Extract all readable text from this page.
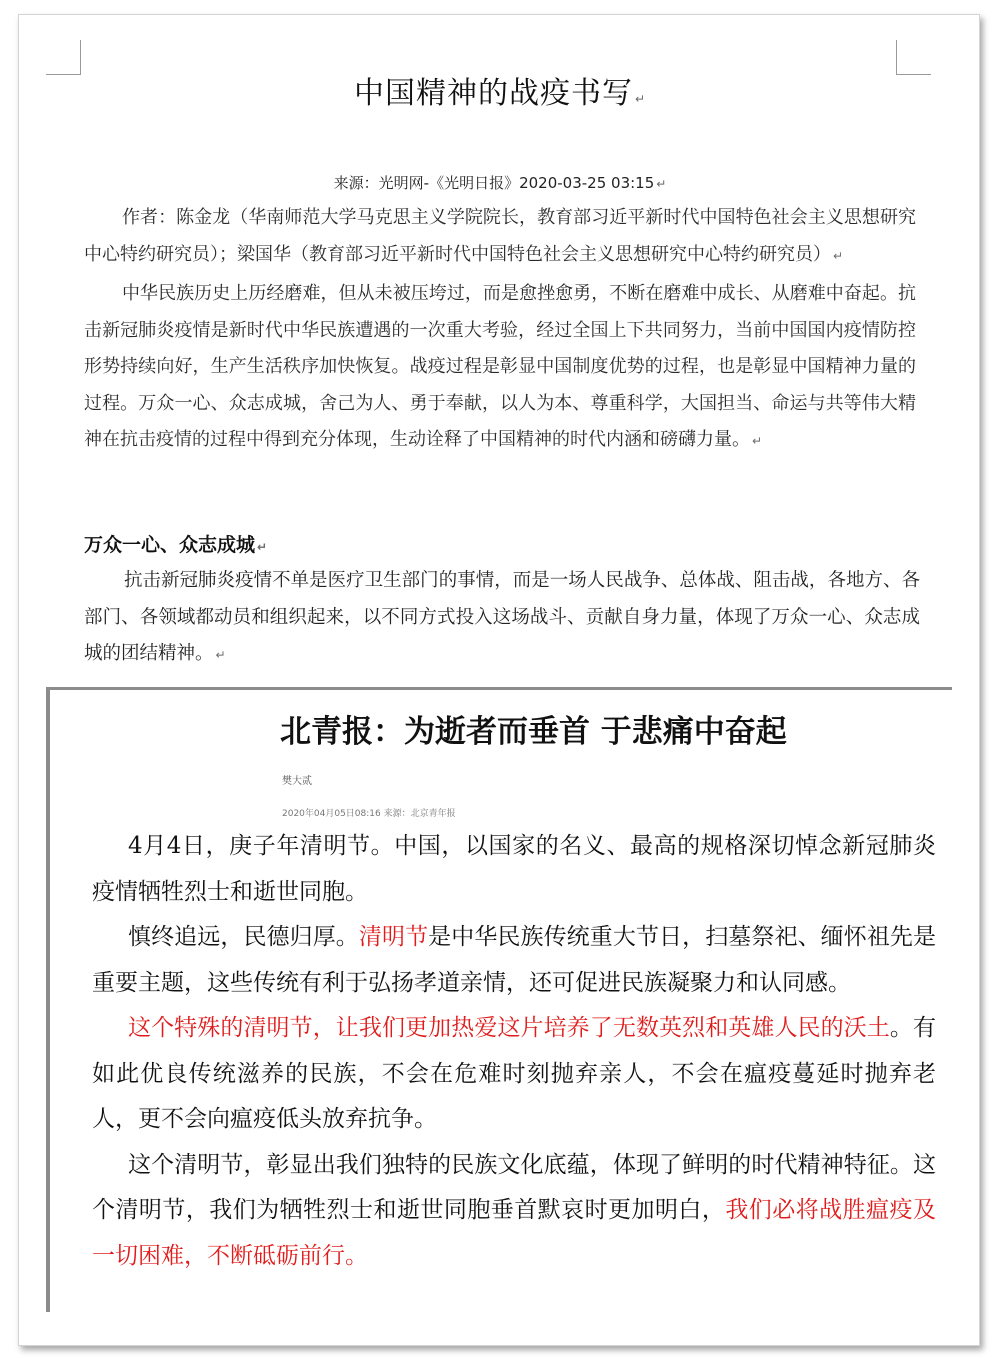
中国精神的战疫书写 ↵
来源：光明网-《光明日报》2020-03-25 03:15 ↵

作者：陈金龙（华南师范大学马克思主义学院院长，教育部习近平新时代中国特色社会主义思想研究中心特约研究员）；梁国华（教育部习近平新时代中国特色社会主义思想研究中心特约研究员） ↵

中华民族历史上历经磨难，但从未被压垮过，而是愈挫愈勇，不断在磨难中成长、从磨难中奋起。抗击新冠肺炎疫情是新时代中华民族遭遇的一次重大考验，经过全国上下共同努力，当前中国国内疫情防控形势持续向好，生产生活秩序加快恢复。战疫过程是彰显中国制度优势的过程，也是彰显中国精神力量的过程。万众一心、众志成城，舍己为人、勇于奉献，以人为本、尊重科学，大国担当、命运与共等伟大精神在抗击疫情的过程中得到充分体现，生动诠释了中国精神的时代内涵和磅礴力量。 ↵

万众一心、众志成城 ↵

抗击新冠肺炎疫情不单是医疗卫生部门的事情，而是一场人民战争、总体战、阻击战，各地方、各部门、各领域都动员和组织起来，以不同方式投入这场战斗、贡献自身力量，体现了万众一心、众志成城的团结精神。 ↵

北青报：为逝者而垂首 于悲痛中奋起
樊大贰
2020年04月05日08:16 来源：北京青年报

4月4日，庚子年清明节。中国，以国家的名义、最高的规格深切悼念新冠肺炎疫情牺牲烈士和逝世同胞。

慎终追远，民德归厚。清明节是中华民族传统重大节日，扫墓祭祀、缅怀祖先是重要主题，这些传统有利于弘扬孝道亲情，还可促进民族凝聚力和认同感。

这个特殊的清明节，让我们更加热爱这片培养了无数英烈和英雄人民的沃土。有如此优良传统滋养的民族，不会在危难时刻抛弃亲人，不会在瘟疫蔓延时抛弃老人，更不会向瘟疫低头放弃抗争。

这个清明节，彰显出我们独特的民族文化底蕴，体现了鲜明的时代精神特征。这个清明节，我们为牺牲烈士和逝世同胞垂首默哀时更加明白，我们必将战胜瘟疫及一切困难，不断砥砺前行。
